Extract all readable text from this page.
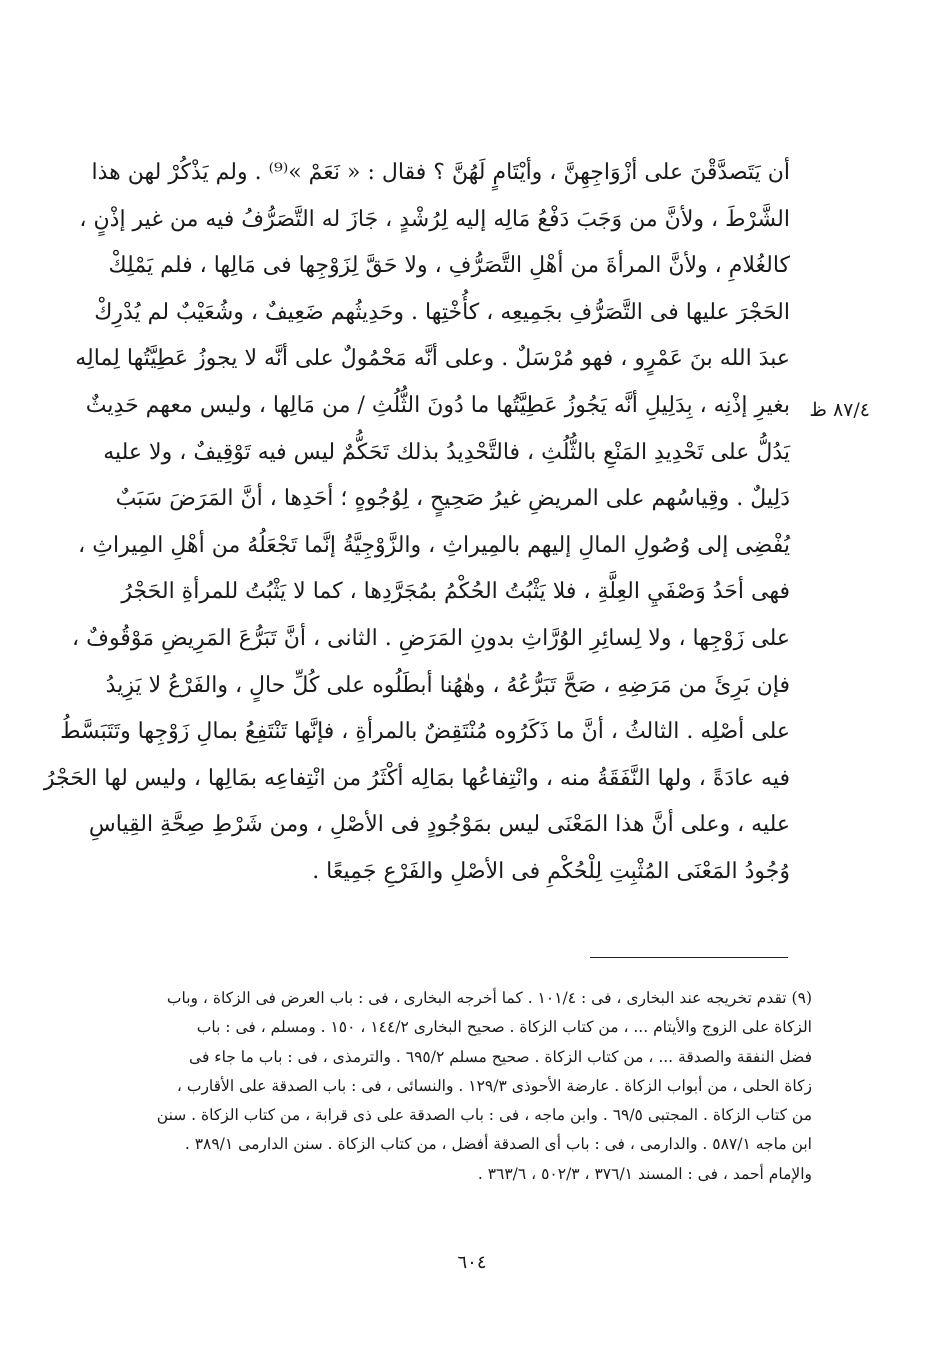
أن يَتَصدَّقْنَ على أزْوَاجِهِنَّ ، وأيْتَامٍ لَهُنَّ ؟ فقال : « نَعَمْ »⁽⁹⁾ . ولم يَذْكُرْ لهن هذا
الشَّرْطَ ، ولأنَّ من وَجَبَ دَفْعُ مَالِه إليه لِرُشْدٍ ، جَازَ له التَّصَرُّفُ فيه من غير إذْنٍ ،
كالغُلامِ ، ولأنَّ المرأةَ من أهْلِ التَّصَرُّفِ ، ولا حَقَّ لِزَوْجِها فى مَالِها ، فلم يَمْلِكْ
الحَجْرَ عليها فى التَّصَرُّفِ بجَمِيعِه ، كأُخْتِها . وحَدِيثُهم ضَعِيفٌ ، وشُعَيْبٌ لم يُدْرِكْ
عبدَ الله بنَ عَمْرٍو ، فهو مُرْسَلٌ . وعلى أنَّه مَحْمُولٌ على أنَّه لا يجوزُ عَطِيَّتُها لِمالِه
بغيرِ إذْنِه ، بِدَلِيلِ أنَّه يَجُوزُ عَطِيَّتُها ما دُونَ الثُّلُثِ / من مَالِها ، وليس معهم حَدِيثٌ
يَدُلُّ على تَحْدِيدِ المَنْعِ بالثُّلُثِ ، فالتَّحْدِيدُ بذلك تَحَكُّمٌ ليس فيه تَوْقِيفٌ ، ولا عليه
دَلِيلٌ . وقِياسُهم على المريضِ غيرُ صَحِيحٍ ، لِوُجُوهٍ ؛ أحَدِها ، أنَّ المَرَضَ سَبَبٌ
يُفْضِى إلى وُصُولِ المالِ إليهم بالمِيراثِ ، والزَّوْجِيَّةُ إنَّما تَجْعَلُهُ من أهْلِ المِيراثِ ،
فهى أحَدُ وَصْفَيِ العِلَّةِ ، فلا يَثْبُتُ الحُكْمُ بمُجَرَّدِها ، كما لا يَثْبُتُ للمرأةِ الحَجْرُ
على زَوْجِها ، ولا لِسائِرِ الوُرَّاثِ بدونِ المَرَضِ . الثانى ، أنَّ تَبَرُّعَ المَرِيضِ مَوْقُوفٌ ،
فإن بَرِئَ من مَرَضِهِ ، صَحَّ تَبَرُّعُهُ ، وهٰهُنا أبطَلُوه على كُلِّ حالٍ ، والفَرْعُ لا يَزِيدُ
على أصْلِه . الثالثُ ، أنَّ ما ذَكَرُوه مُنْتَقِضٌ بالمرأةِ ، فإنَّها تَنْتَفِعُ بمالِ زَوْجِها وتَتَبَسَّطُ
فيه عادَةً ، ولها النَّفَقَةُ منه ، وانْتِفاعُها بمَالِه أكْثَرُ من انْتِفاعِه بمَالِها ، وليس لها الحَجْرُ
عليه ، وعلى أنَّ هذا المَعْنَى ليس بمَوْجُودٍ فى الأصْلِ ، ومن شَرْطِ صِحَّةِ القِياسِ
وُجُودُ المَعْنَى المُثْبِتِ لِلْحُكْمِ فى الأصْلِ والفَرْعِ جَمِيعًا .
٨٧/٤ ظ
(٩) تقدم تخريجه عند البخارى ، فى : ١٠١/٤ . كما أخرجه البخارى ، فى : باب العرض فى الزكاة ، وباب
الزكاة على الزوج والأيتام ... ، من كتاب الزكاة . صحيح البخارى ١٤٤/٢ ، ١٥٠ . ومسلم ، فى : باب
فضل النفقة والصدقة ... ، من كتاب الزكاة . صحيح مسلم ٦٩٥/٢ . والترمذى ، فى : باب ما جاء فى
زكاة الحلى ، من أبواب الزكاة . عارضة الأحوذى ١٢٩/٣ . والنسائى ، فى : باب الصدقة على الأقارب ،
من كتاب الزكاة . المجتبى ٦٩/٥ . وابن ماجه ، فى : باب الصدقة على ذى قرابة ، من كتاب الزكاة . سنن
ابن ماجه ٥٨٧/١ . والدارمى ، فى : باب أى الصدقة أفضل ، من كتاب الزكاة . سنن الدارمى ٣٨٩/١ .
والإمام أحمد ، فى : المسند ٣٧٦/١ ، ٥٠٢/٣ ، ٣٦٣/٦ .
٦٠٤
